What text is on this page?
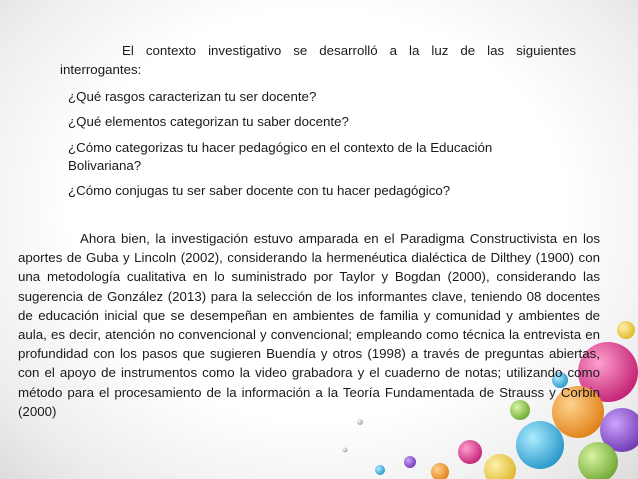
El contexto investigativo se desarrolló a la luz de las siguientes interrogantes:
¿Qué rasgos caracterizan tu ser docente?
¿Qué elementos categorizan tu saber docente?
¿Cómo categorizas tu hacer pedagógico en el contexto de la Educación Bolivariana?
¿Cómo conjugas tu ser saber docente con tu hacer pedagógico?
Ahora bien, la investigación estuvo amparada en el Paradigma Constructivista en los aportes de Guba y Lincoln (2002), considerando la hermenéutica dialéctica de Dilthey (1900) con una metodología cualitativa en lo suministrado por Taylor y Bogdan (2000), considerando las sugerencia de González (2013) para la selección de los informantes clave, teniendo 08 docentes de educación inicial que se desempeñan en ambientes de familia y comunidad y ambientes de aula, es decir, atención no convencional y convencional; empleando como técnica la entrevista en profundidad con los pasos que sugieren Buendía y otros (1998) a través de preguntas abiertas, con el apoyo de instrumentos como la video grabadora y el cuaderno de notas; utilizando como método para el procesamiento de la información a la Teoría Fundamentada de Strauss y Corbin (2000)
